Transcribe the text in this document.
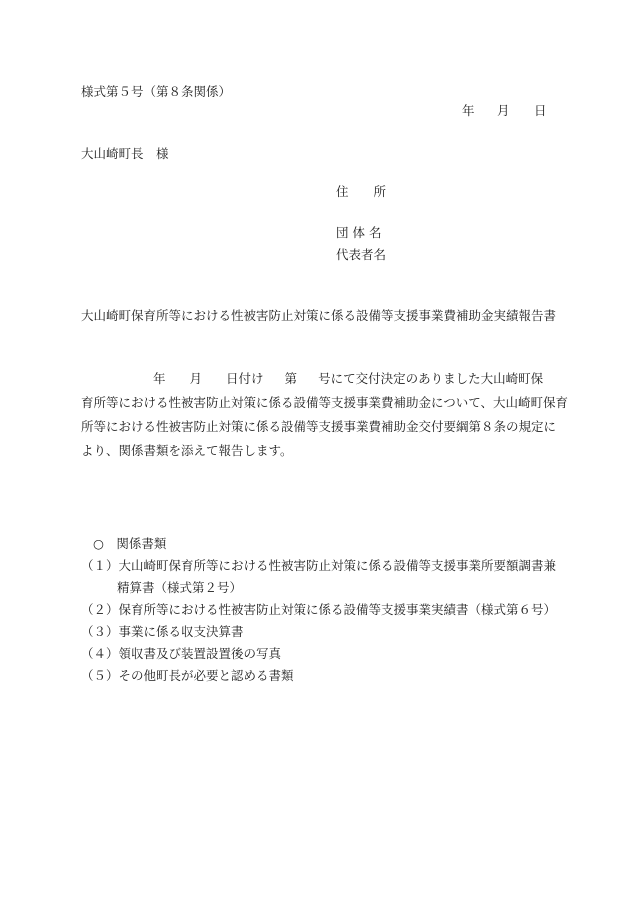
様式第５号（第８条関係）
年 月 日
大山崎町長　様
住　　所
団 体 名
代表者名
大山崎町保育所等における性被害防止対策に係る設備等支援事業費補助金実績報告書
年 月 日付け 第 号にて交付決定のありました大山崎町保
育所等における性被害防止対策に係る設備等支援事業費補助金について、大山崎町保育
所等における性被害防止対策に係る設備等支援事業費補助金交付要綱第８条の規定に
より、関係書類を添えて報告します。
○　関係書類
（１）大山崎町保育所等における性被害防止対策に係る設備等支援事業所要額調書兼
精算書（様式第２号）
（２）保育所等における性被害防止対策に係る設備等支援事業実績書（様式第６号）
（３）事業に係る収支決算書
（４）領収書及び装置設置後の写真
（５）その他町長が必要と認める書類
